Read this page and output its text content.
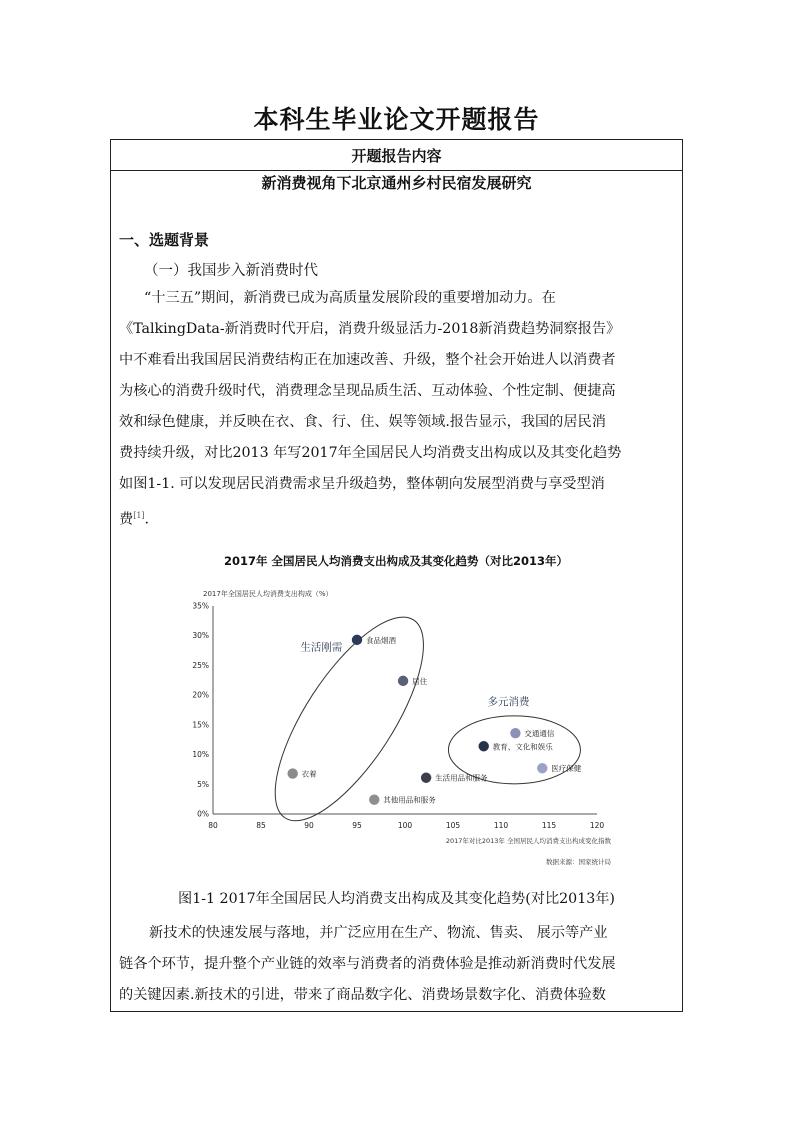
本科生毕业论文开题报告
开题报告内容
新消费视角下北京通州乡村民宿发展研究
一、选题背景
（一）我国步入新消费时代

“十三五”期间，新消费已成为高质量发展阶段的重要增加动力。在

《TalkingData-新消费时代开启，消费升级显活力-2018新消费趋势洞察报告》

中不难看出我国居民消费结构正在加速改善、升级，整个社会开始进人以消费者

为核心的消费升级时代，消费理念呈现品质生活、互动体验、个性定制、便捷高

效和绿色健康，并反映在衣、食、行、住、娱等领域.报告显示，我国的居民消

费持续升级，对比2013 年写2017年全国居民人均消费支出构成以及其变化趋势

如图1-1. 可以发现居民消费需求呈升级趋势，整体朝向发展型消费与享受型消

费[1].

2017年 全国居民人均消费支出构成及其变化趋势（对比2013年）
2017年全国居民人均消费支出构成（%）
0%
5%
10%
15%
20%
25%
30%
35%
80	85	90	95	100	105	110	115	120
生活刚需
多元消费
食品烟酒
居住
衣着	生活用品和服务
其他用品和服务
交通通信
教育、文化和娱乐
医疗保健
2017年对比2013年 全国居民人均消费支出构成变化指数
数据来源：国家统计局
图1-1 2017年全国居民人均消费支出构成及其变化趋势(对比2013年)

新技术的快速发展与落地，并广泛应用在生产、物流、售卖、 展示等产业

链各个环节，提升整个产业链的效率与消费者的消费体验是推动新消费时代发展

的关键因素.新技术的引进，带来了商品数字化、消费场景数字化、消费体验数
